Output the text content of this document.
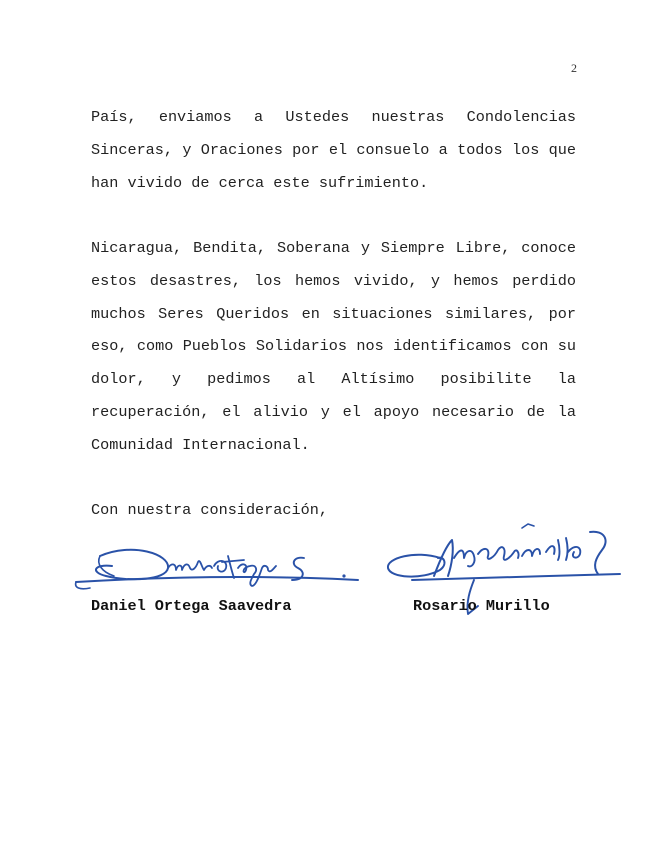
2

País, enviamos a Ustedes nuestras Condolencias Sinceras, y Oraciones por el consuelo a todos los que han vivido de cerca este sufrimiento.

Nicaragua, Bendita, Soberana y Siempre Libre, conoce estos desastres, los hemos vivido, y hemos perdido muchos Seres Queridos en situaciones similares, por eso, como Pueblos Solidarios nos identificamos con su dolor, y pedimos al Altísimo posibilite la recuperación, el alivio y el apoyo necesario de la Comunidad Internacional.

Con nuestra consideración,

Daniel Ortega Saavedra	Rosario Murillo
